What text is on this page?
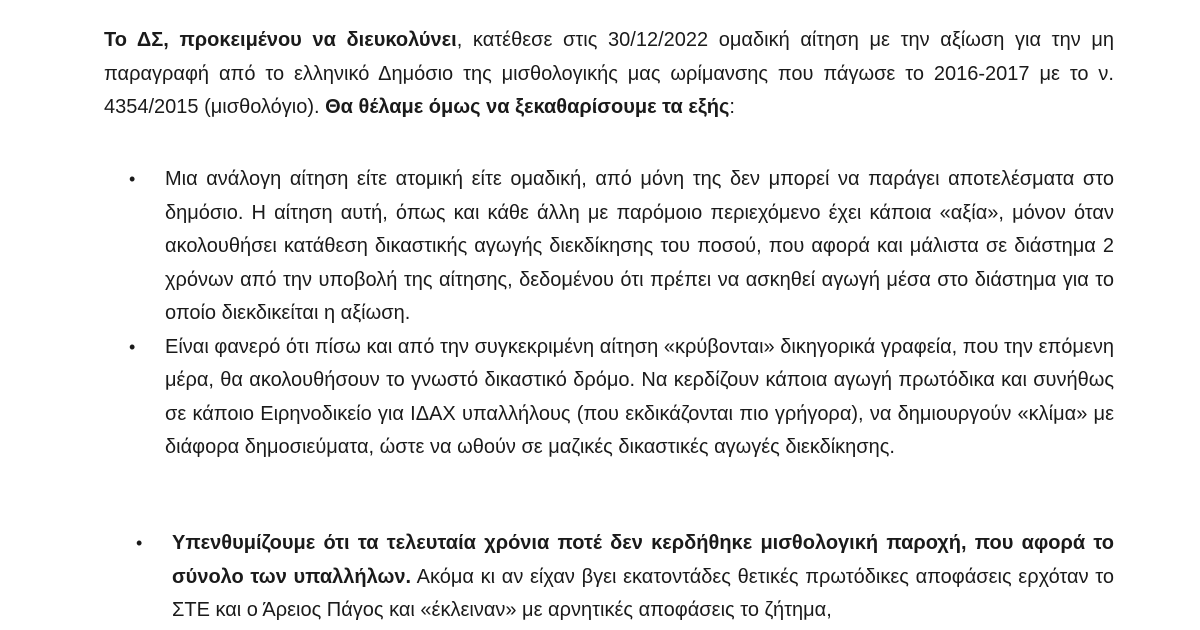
Το ΔΣ, προκειμένου να διευκολύνει, κατέθεσε στις 30/12/2022 ομαδική αίτηση με την αξίωση για την μη παραγραφή από το ελληνικό Δημόσιο της μισθολογικής μας ωρίμανσης που πάγωσε το 2016-2017 με το ν. 4354/2015 (μισθολόγιο). Θα θέλαμε όμως να ξεκαθαρίσουμε τα εξής:

• Μια ανάλογη αίτηση είτε ατομική είτε ομαδική, από μόνη της δεν μπορεί να παράγει αποτελέσματα στο δημόσιο. Η αίτηση αυτή, όπως και κάθε άλλη με παρόμοιο περιεχόμενο έχει κάποια «αξία», μόνον όταν ακολουθήσει κατάθεση δικαστικής αγωγής διεκδίκησης του ποσού, που αφορά και μάλιστα σε διάστημα 2 χρόνων από την υποβολή της αίτησης, δεδομένου ότι πρέπει να ασκηθεί αγωγή μέσα στο διάστημα για το οποίο διεκδικείται η αξίωση.
• Είναι φανερό ότι πίσω και από την συγκεκριμένη αίτηση «κρύβονται» δικηγορικά γραφεία, που την επόμενη μέρα, θα ακολουθήσουν το γνωστό δικαστικό δρόμο. Να κερδίζουν κάποια αγωγή πρωτόδικα και συνήθως σε κάποιο Ειρηνοδικείο για ΙΔΑΧ υπαλλήλους (που εκδικάζονται πιο γρήγορα), να δημιουργούν «κλίμα» με διάφορα δημοσιεύματα, ώστε να ωθούν σε μαζικές δικαστικές αγωγές διεκδίκησης.
• Υπενθυμίζουμε ότι τα τελευταία χρόνια ποτέ δεν κερδήθηκε μισθολογική παροχή, που αφορά το σύνολο των υπαλλήλων. Ακόμα κι αν είχαν βγει εκατοντάδες θετικές πρωτόδικες αποφάσεις ερχόταν το ΣΤΕ και ο Άρειος Πάγος και «έκλειναν» με αρνητικές αποφάσεις το ζήτημα,
